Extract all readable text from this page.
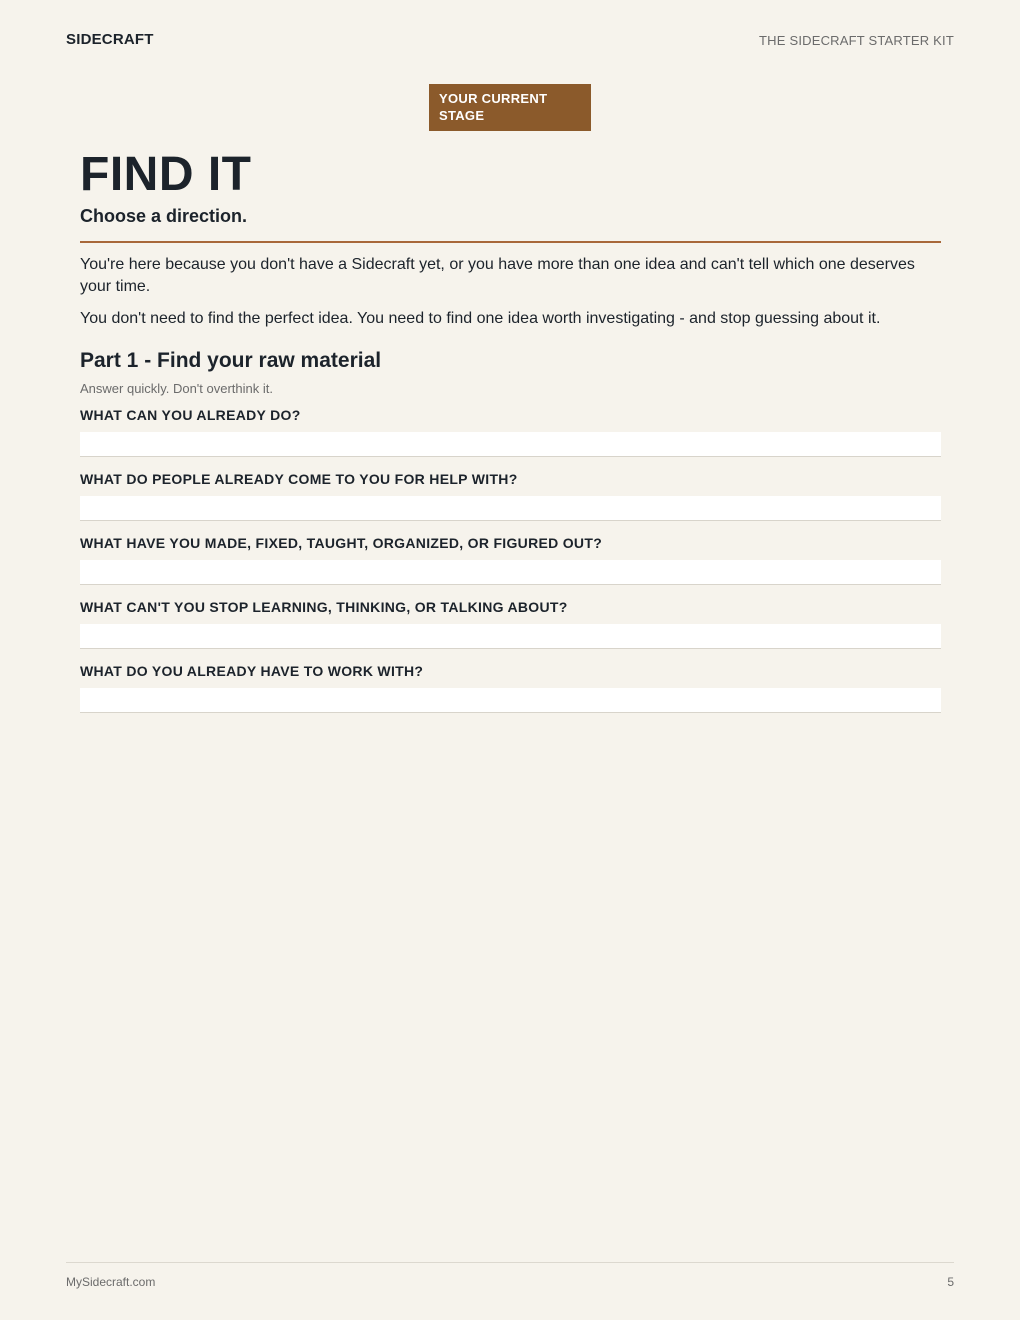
SIDECRAFT	THE SIDECRAFT STARTER KIT
YOUR CURRENT STAGE
FIND IT
Choose a direction.

You're here because you don't have a Sidecraft yet, or you have more than one idea and can't tell which one deserves your time.

You don't need to find the perfect idea. You need to find one idea worth investigating - and stop guessing about it.

Part 1 - Find your raw material

Answer quickly. Don't overthink it.

WHAT CAN YOU ALREADY DO?
WHAT DO PEOPLE ALREADY COME TO YOU FOR HELP WITH?
WHAT HAVE YOU MADE, FIXED, TAUGHT, ORGANIZED, OR FIGURED OUT?
WHAT CAN'T YOU STOP LEARNING, THINKING, OR TALKING ABOUT?
WHAT DO YOU ALREADY HAVE TO WORK WITH?
MySidecraft.com	5
